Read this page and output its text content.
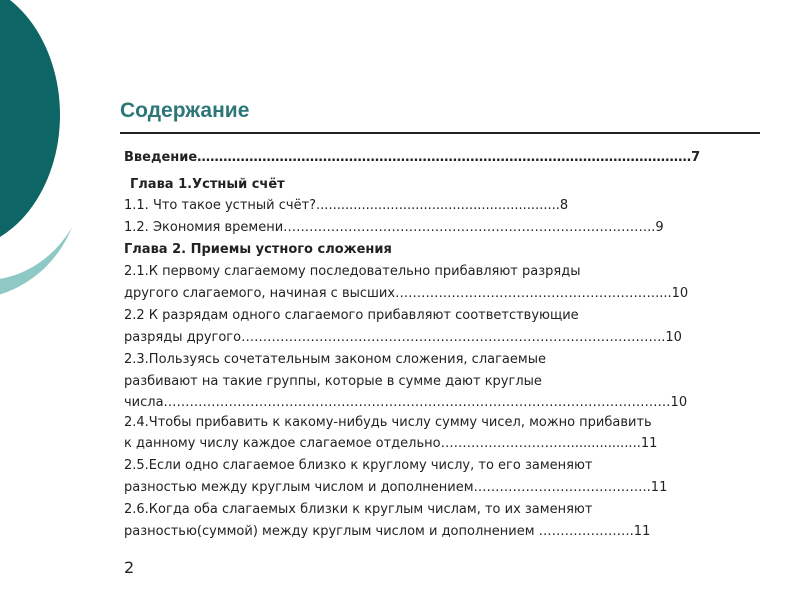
Содержание
Введение……………………………………………………………………………………………………7
Глава 1.Устный счёт
1.1. Что такое устный счёт?...........................................................8
1.2. Экономия времени…………………………………………………………………………..9
Глава 2. Приемы устного сложения
2.1.К первому слагаемому последовательно прибавляют разряды
другого слагаемого, начиная с высших……………………………………………………....10
2.2 К разрядам одного слагаемого прибавляют соответствующие
разряды другого……………………………………………………………………………………..10
2.3.Пользуясь сочетательным законом сложения, слагаемые
разбивают на такие группы, которые в сумме дают круглые
числа………………………………………………………………………………………………………10
2.4.Чтобы прибавить к какому-нибудь числу сумму чисел, можно прибавить
к данному числу каждое слагаемое отдельно………………………….................11
2.5.Если одно слагаемое близко к круглому числу, то его заменяют
разностью между круглым числом и дополнением…………………………………..11
2.6.Когда оба слагаемых близки к круглым числам, то их заменяют
разностью(суммой) между круглым числом и дополнением ………………….11
2
